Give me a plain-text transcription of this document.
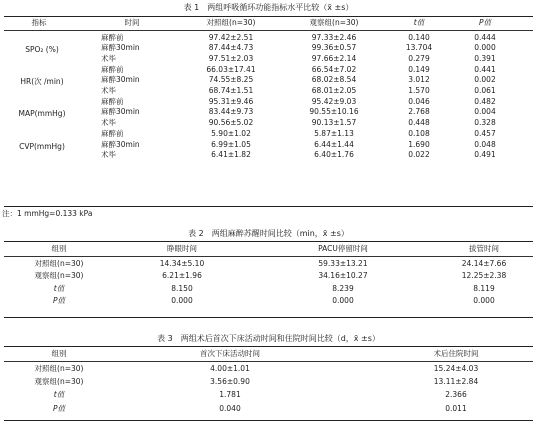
表 1　两组呼吸循环功能指标水平比较（x̄ ±s）
指标	时间	对照组(n=30)	观察组(n=30)	t值	P值
SPO₂ (%)
麻醉前	97.42±2.51	97.33±2.46	0.140	0.444
麻醉30min	87.44±4.73	99.36±0.57	13.704	0.000
术毕	97.51±2.03	97.66±2.14	0.279	0.391
HR(次 /min)
麻醉前	66.03±17.41	66.54±7.02	0.149	0.441
麻醉30min	74.55±8.25	68.02±8.54	3.012	0.002
术毕	68.74±1.51	68.01±2.05	1.570	0.061
MAP(mmHg)
麻醉前	95.31±9.46	95.42±9.03	0.046	0.482
麻醉30min	83.44±9.73	90.55±10.16	2.768	0.004
术毕	90.56±5.02	90.13±1.57	0.448	0.328
CVP(mmHg)
麻醉前	5.90±1.02	5.87±1.13	0.108	0.457
麻醉30min	6.99±1.05	6.44±1.44	1.690	0.048
术毕	6.41±1.82	6.40±1.76	0.022	0.491
注：1 mmHg=0.133 kPa
表 2　两组麻醉苏醒时间比较（min，x̄ ±s）
组别	睁眼时间	PACU停留时间	拔管时间
对照组(n=30)	14.34±5.10	59.33±13.21	24.14±7.66
观察组(n=30)	6.21±1.96	34.16±10.27	12.25±2.38
t值	8.150	8.239	8.119
P值	0.000	0.000	0.000
表 3　两组术后首次下床活动时间和住院时间比较（d，x̄ ±s）
组别	首次下床活动时间	术后住院时间
对照组(n=30)	4.00±1.01	15.24±4.03
观察组(n=30)	3.56±0.90	13.11±2.84
t值	1.781	2.366
P值	0.040	0.011
